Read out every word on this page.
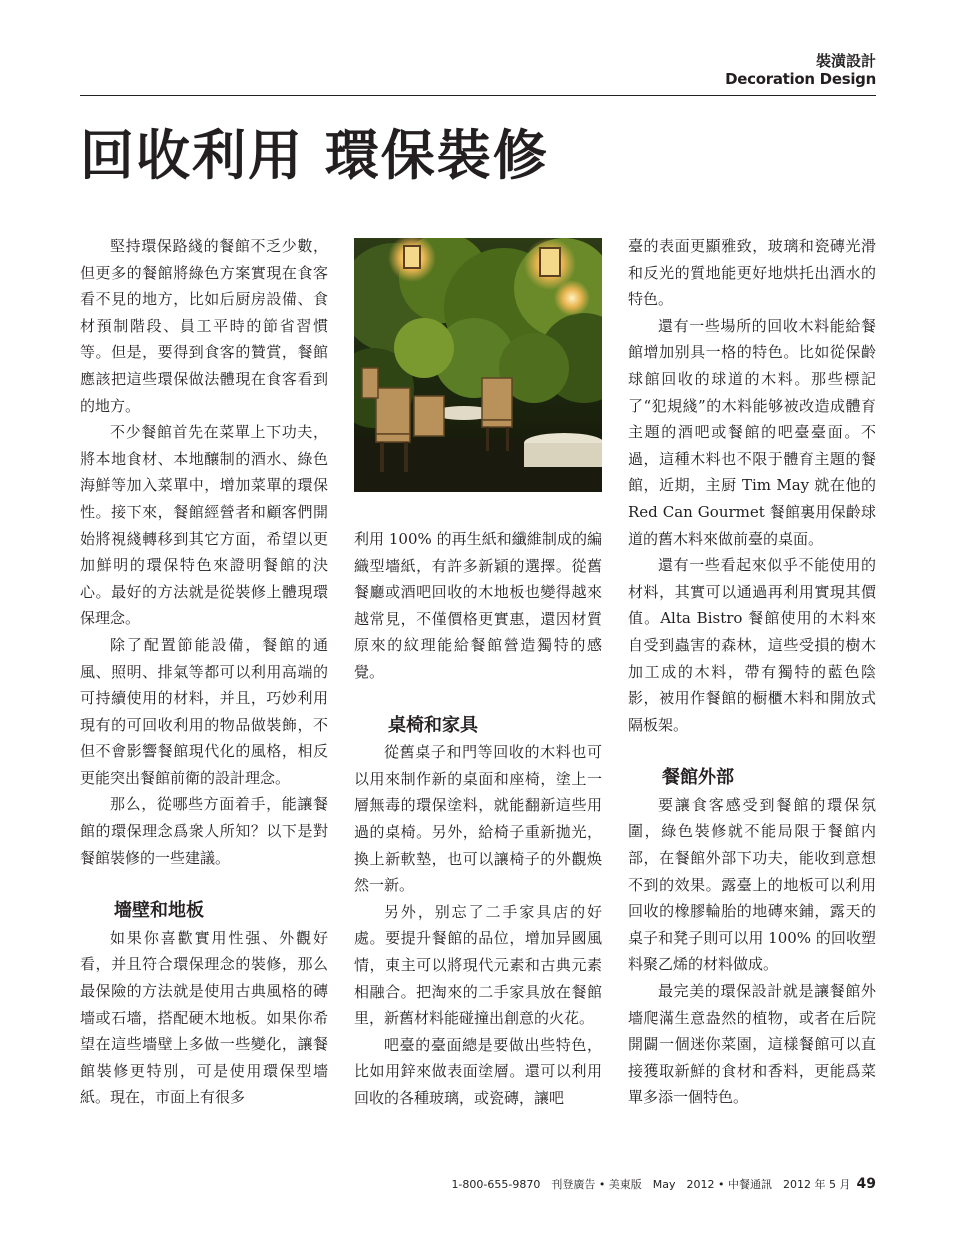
裝潢設計
Decoration Design
回收利用 環保裝修

堅持環保路綫的餐館不乏少數，但更多的餐館將綠色方案實現在食客看不見的地方，比如后厨房設備、食材預制階段、員工平時的節省習慣等。但是，要得到食客的贊賞，餐館應該把這些環保做法體現在食客看到的地方。

不少餐館首先在菜單上下功夫，將本地食材、本地釀制的酒水、綠色海鮮等加入菜單中，增加菜單的環保性。接下來，餐館經營者和顧客們開始將視綫轉移到其它方面，希望以更加鮮明的環保特色來證明餐館的決心。最好的方法就是從裝修上體現環保理念。

除了配置節能設備，餐館的通風、照明、排氣等都可以利用高端的可持續使用的材料，并且，巧妙利用現有的可回收利用的物品做裝飾，不但不會影響餐館現代化的風格，相反更能突出餐館前衛的設計理念。

那么，從哪些方面着手，能讓餐館的環保理念爲衆人所知？以下是對餐館裝修的一些建議。

墻壁和地板

如果你喜歡實用性强、外觀好看，并且符合環保理念的裝修，那么最保險的方法就是使用古典風格的磚墻或石墻，搭配硬木地板。如果你希望在這些墻壁上多做一些變化，讓餐館裝修更特別，可是使用環保型墻紙。現在，市面上有很多

利用 100% 的再生紙和纖維制成的編織型墻紙，有許多新穎的選擇。從舊餐廳或酒吧回收的木地板也變得越來越常見，不僅價格更實惠，還因材質原來的紋理能給餐館營造獨特的感覺。

桌椅和家具

從舊桌子和門等回收的木料也可以用來制作新的桌面和座椅，塗上一層無毒的環保塗料，就能翻新這些用過的桌椅。另外，給椅子重新拋光，換上新軟墊，也可以讓椅子的外觀焕然一新。

另外，别忘了二手家具店的好處。要提升餐館的品位，增加异國風情，東主可以將現代元素和古典元素相融合。把淘來的二手家具放在餐館里，新舊材料能碰撞出創意的火花。

吧臺的臺面總是要做出些特色，比如用鋅來做表面塗層。還可以利用回收的各種玻璃，或瓷磚，讓吧

臺的表面更顯雅致，玻璃和瓷磚光滑和反光的質地能更好地烘托出酒水的特色。

還有一些場所的回收木料能給餐館增加别具一格的特色。比如從保齡球館回收的球道的木料。那些標記了“犯規綫”的木料能够被改造成體育主題的酒吧或餐館的吧臺臺面。不過，這種木料也不限于體育主題的餐館，近期，主厨 Tim May 就在他的 Red Can Gourmet 餐館裏用保齡球道的舊木料來做前臺的桌面。

還有一些看起來似乎不能使用的材料，其實可以通過再利用實現其價值。Alta Bistro 餐館使用的木料來自受到蟲害的森林，這些受損的樹木加工成的木料，帶有獨特的藍色陰影，被用作餐館的橱櫃木料和開放式隔板架。

餐館外部

要讓食客感受到餐館的環保氛圍，綠色裝修就不能局限于餐館内部，在餐館外部下功夫，能收到意想不到的效果。露臺上的地板可以利用回收的橡膠輪胎的地磚來鋪，露天的桌子和凳子則可以用 100% 的回收塑料聚乙烯的材料做成。

最完美的環保設計就是讓餐館外墻爬滿生意盎然的植物，或者在后院開闢一個迷你菜園，這樣餐館可以直接獲取新鮮的食材和香料，更能爲菜單多添一個特色。

1-800-655-9870　刊登廣告 • 美東版　May　2012 • 中餐通訊　2012 年 5 月 49
